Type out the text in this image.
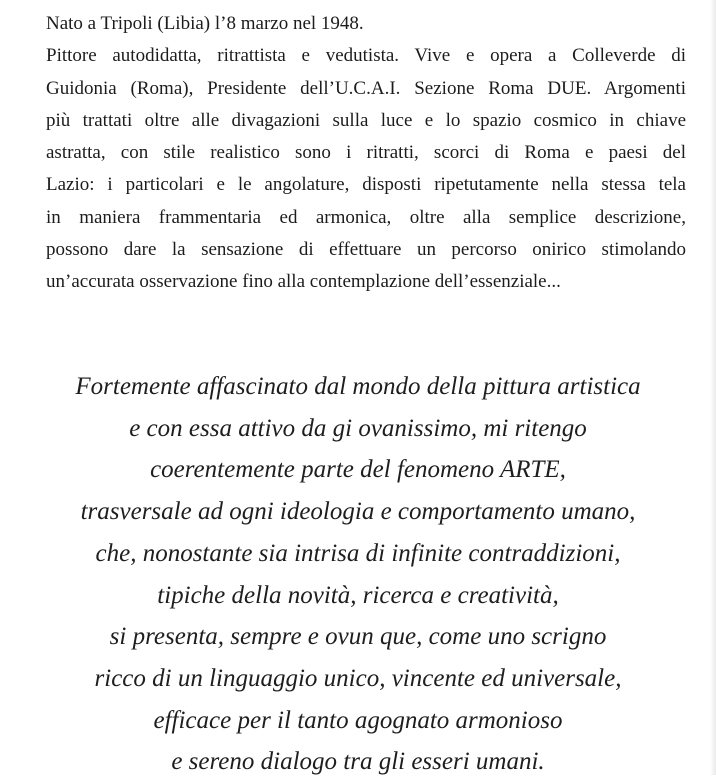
Nato a Tripoli (Libia) l’8 marzo nel 1948.
Pittore autodidatta, ritrattista e vedutista. Vive e opera a Colleverde di
Guidonia (Roma), Presidente dell’U.C.A.I. Sezione Roma DUE. Argomenti
più trattati oltre alle divagazioni sulla luce e lo spazio cosmico in chiave
astratta, con stile realistico sono i ritratti, scorci di Roma e paesi del
Lazio: i particolari e le angolature, disposti ripetutamente nella stessa tela
in maniera frammentaria ed armonica, oltre alla semplice descrizione,
possono dare la sensazione di effettuare un percorso onirico stimolando
un’accurata osservazione fino alla contemplazione dell’essenziale...
Fortemente affascinato dal mondo della pittura artistica
e con essa attivo da gi ovanissimo, mi ritengo
coerentemente parte del fenomeno ARTE,
trasversale ad ogni ideologia e comportamento umano,
che, nonostante sia intrisa di infinite contraddizioni,
tipiche della novità, ricerca e creatività,
si presenta, sempre e ovun que, come uno scrigno
ricco di un linguaggio unico, vincente ed universale,
efficace per il tanto agognato armonioso
e sereno dialogo tra gli esseri umani.
